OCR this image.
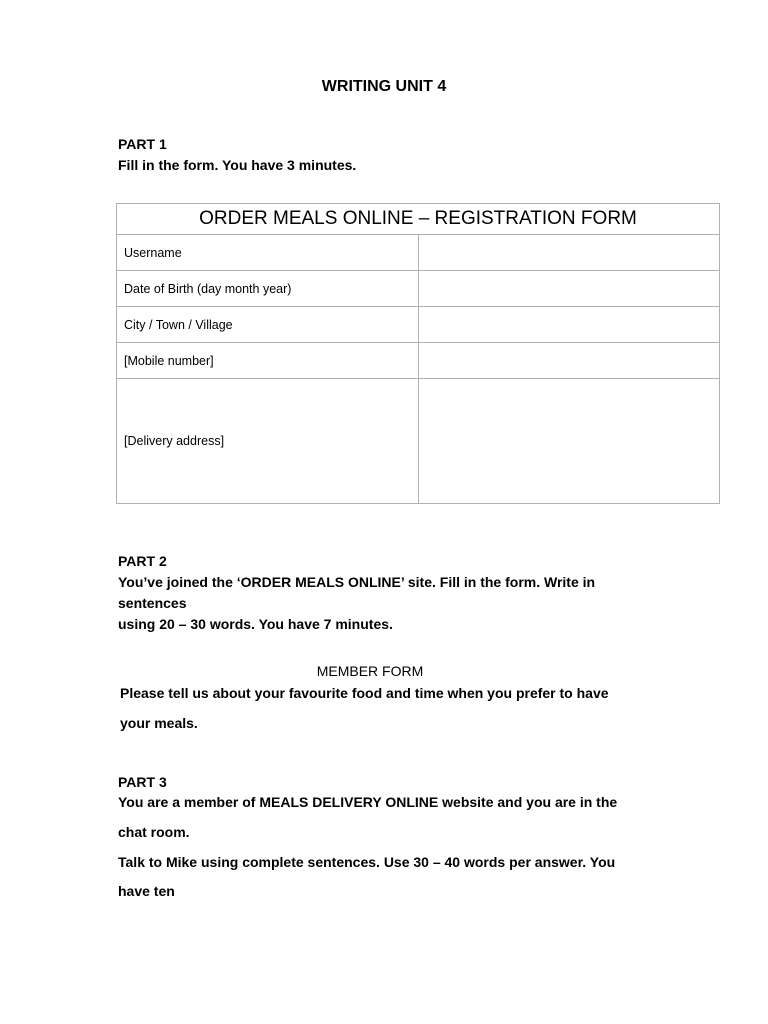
WRITING UNIT 4

PART 1

Fill in the form. You have 3 minutes.

ORDER MEALS ONLINE – REGISTRATION FORM	
Username	
Date of Birth (day month year)	
City / Town / Village	
[Mobile number]	
[Delivery address]	

PART 2

You’ve joined the ‘ORDER MEALS ONLINE’ site. Fill in the form. Write in

sentences

using 20 – 30 words. You have 7 minutes.

MEMBER FORM

Please tell us about your favourite food and time when you prefer to have

your meals.

PART 3

You are a member of MEALS DELIVERY ONLINE website and you are in the

chat room.

Talk to Mike using complete sentences. Use 30 – 40 words per answer. You

have ten
